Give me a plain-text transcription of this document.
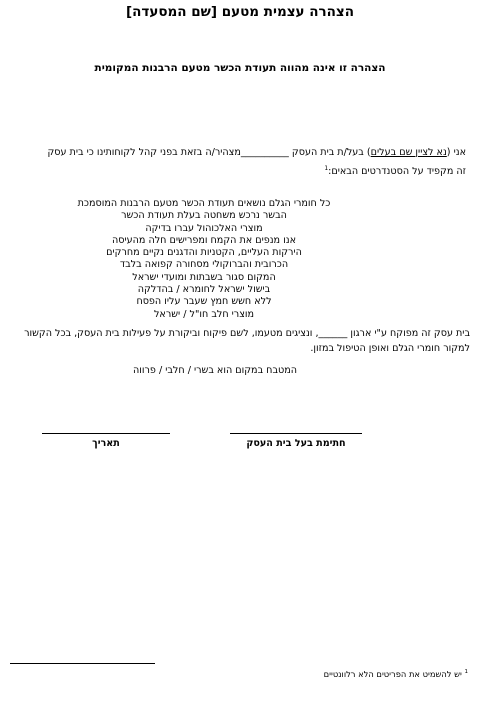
הצהרה עצמית מטעם [שם המסעדה]
הצהרה זו אינה מהווה תעודת הכשר מטעם הרבנות המקומית
אני (נא לציין שם בעלים) בעל/ת בית העסק __________מצהיר/ה בזאת בפני קהל לקוחותינו כי בית עסק
זה מקפיד על הסטנדרטים הבאים:$^1$
כל חומרי הגלם נושאים תעודת הכשר מטעם הרבנות המוסמכת
הבשר נרכש משחטה בעלת תעודת הכשר
מוצרי האלכוהול עברו בדיקה
אנו מנפים את הקמח ומפרישים חלה מהעיסה
הירקות העליים, הקטניות והדגנים נקיים מחרקים
הכרובית והברוקולי מסחורה קפואה בלבד
המקום סגור בשבתות ומועדי ישראל
בישול ישראל לחומרא / בהדלקה
ללא חשש חמץ שעבר עליו הפסח
מוצרי חלב חו"ל / ישראל
בית עסק זה מפוקח ע"י ארגון ______, ונציגים מטעמו, לשם פיקוח וביקורת על פעילות בית העסק, בכל הקשור למקור חומרי הגלם ואופן הטיפול במזון.
המטבח במקום הוא בשרי / חלבי / פרווה
חתימת בעל בית העסק
תאריך
$^1$ יש להשמיט את הפריטים הלא רלוונטיים
